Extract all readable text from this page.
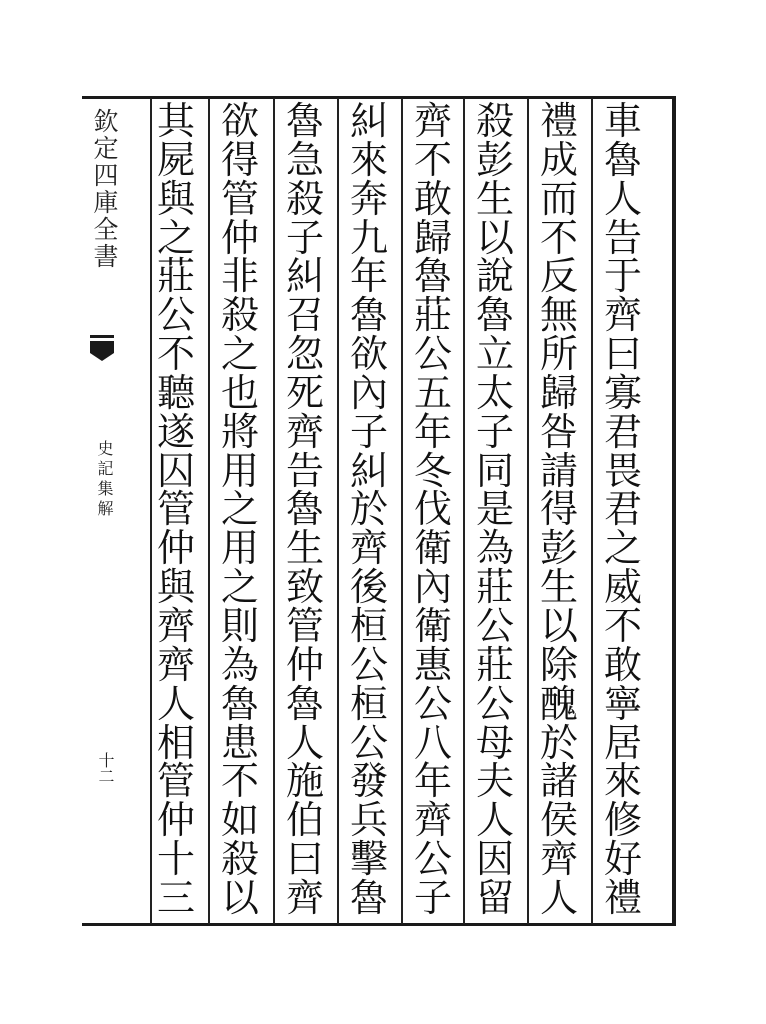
欽定四庫全書
史記集解
十二
車
魯
人
告
于
齊
曰
寡
君
畏
君
之
威
不
敢
寧
居
來
修
好
禮
禮
成
而
不
反
無
所
歸
咎
請
得
彭
生
以
除
醜
於
諸
侯
齊
人
殺
彭
生
以
說
魯
立
太
子
同
是
為
莊
公
莊
公
母
夫
人
因
留
齊
不
敢
歸
魯
莊
公
五
年
冬
伐
衛
內
衛
惠
公
八
年
齊
公
子
糾
來
奔
九
年
魯
欲
內
子
糾
於
齊
後
桓
公
桓
公
發
兵
擊
魯
魯
急
殺
子
糾
召
忽
死
齊
告
魯
生
致
管
仲
魯
人
施
伯
曰
齊
欲
得
管
仲
非
殺
之
也
將
用
之
用
之
則
為
魯
患
不
如
殺
以
其
屍
與
之
莊
公
不
聽
遂
囚
管
仲
與
齊
齊
人
相
管
仲
十
三
